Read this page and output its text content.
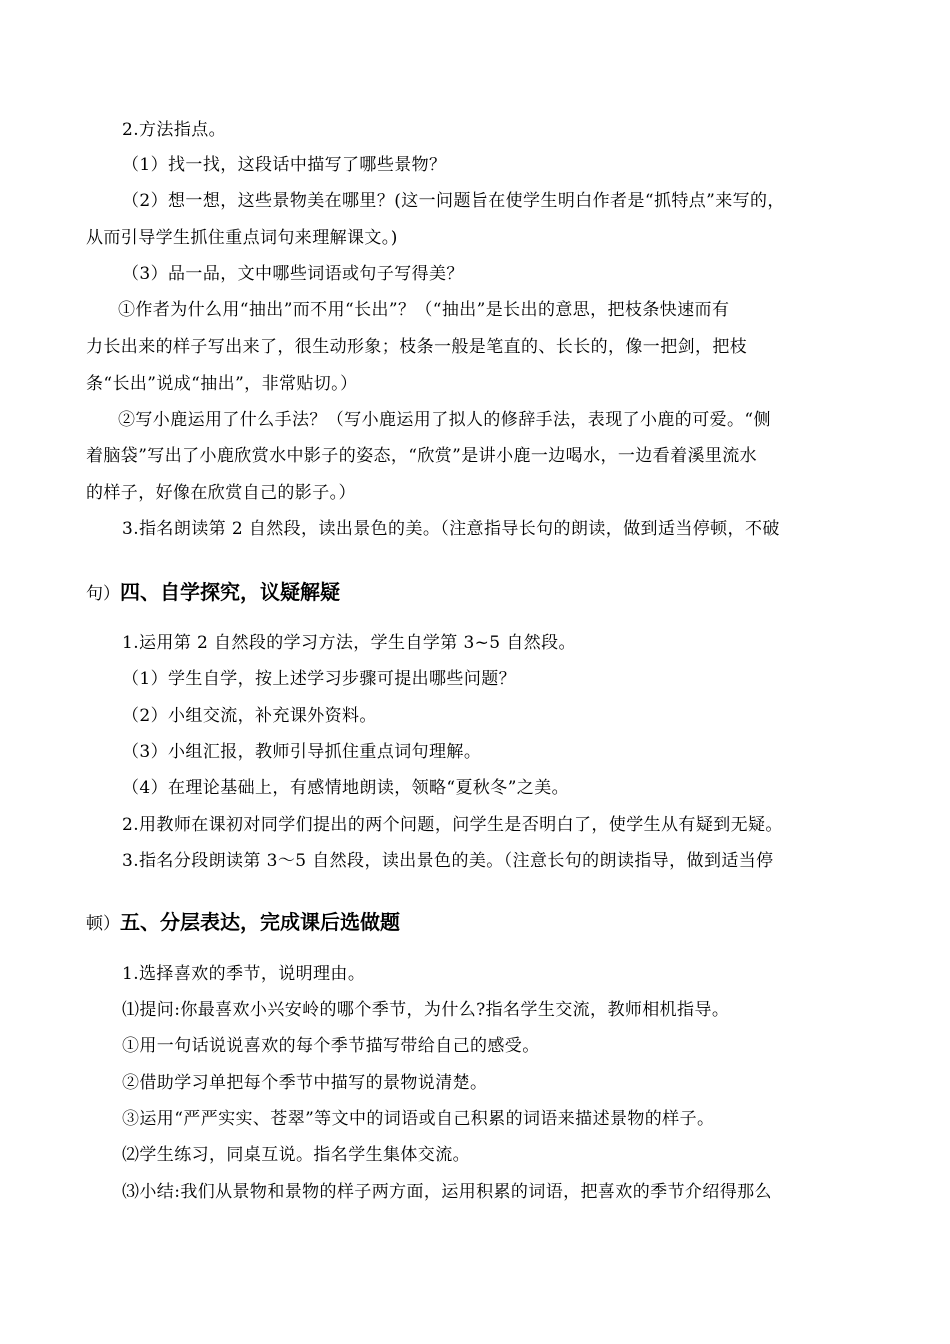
2.方法指点。
（1）找一找，这段话中描写了哪些景物？
（2）想一想，这些景物美在哪里？(这一问题旨在使学生明白作者是“抓特点”来写的，
从而引导学生抓住重点词句来理解课文。)
（3）品一品，文中哪些词语或句子写得美？
①作者为什么用“抽出”而不用“长出”？（“抽出”是长出的意思，把枝条快速而有
力长出来的样子写出来了，很生动形象；枝条一般是笔直的、长长的，像一把剑，把枝
条“长出”说成“抽出”，非常贴切。）
②写小鹿运用了什么手法？（写小鹿运用了拟人的修辞手法，表现了小鹿的可爱。“侧
着脑袋”写出了小鹿欣赏水中影子的姿态，“欣赏”是讲小鹿一边喝水，一边看着溪里流水
的样子，好像在欣赏自己的影子。）
3.指名朗读第 2 自然段，读出景色的美。（注意指导长句的朗读，做到适当停顿，不破
句）四、自学探究，议疑解疑
1.运用第 2 自然段的学习方法，学生自学第 3~5 自然段。
（1）学生自学，按上述学习步骤可提出哪些问题？
（2）小组交流，补充课外资料。
（3）小组汇报，教师引导抓住重点词句理解。
（4）在理论基础上，有感情地朗读，领略“夏秋冬”之美。
2.用教师在课初对同学们提出的两个问题，问学生是否明白了，使学生从有疑到无疑。
3.指名分段朗读第 3～5 自然段，读出景色的美。（注意长句的朗读指导，做到适当停
顿）五、分层表达，完成课后选做题
1.选择喜欢的季节，说明理由。
⑴提问:你最喜欢小兴安岭的哪个季节，为什么?指名学生交流，教师相机指导。
①用一句话说说喜欢的每个季节描写带给自己的感受。
②借助学习单把每个季节中描写的景物说清楚。
③运用“严严实实、苍翠”等文中的词语或自己积累的词语来描述景物的样子。
⑵学生练习，同桌互说。指名学生集体交流。
⑶小结:我们从景物和景物的样子两方面，运用积累的词语，把喜欢的季节介绍得那么
